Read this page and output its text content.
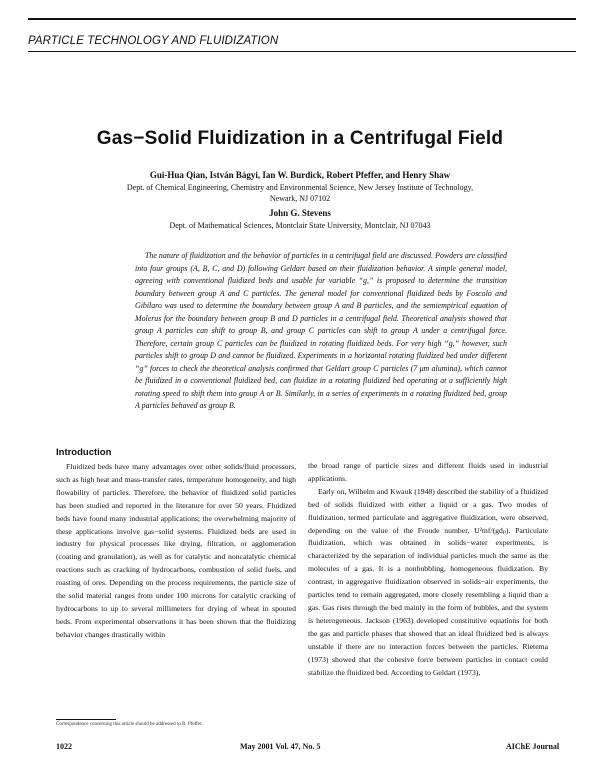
PARTICLE TECHNOLOGY AND FLUIDIZATION
Gas−Solid Fluidization in a Centrifugal Field
Gui-Hua Qian, István Bágyi, Ian W. Burdick, Robert Pfeffer, and Henry Shaw
Dept. of Chemical Engineering, Chemistry and Environmental Science, New Jersey Institute of Technology,
Newark, NJ 07102
John G. Stevens
Dept. of Mathematical Sciences, Montclair State University, Montclair, NJ 07043
The nature of fluidization and the behavior of particles in a centrifugal field are discussed. Powders are classified into four groups (A, B, C, and D) following Geldart based on their fluidization behavior. A simple general model, agreeing with conventional fluidized beds and usable for variable “g,” is proposed to determine the transition boundary between group A and C particles. The general model for conventional fluidized beds by Foscolo and Gibilaro was used to determine the boundary between group A and B particles, and the semiempirical equation of Molerus for the boundary between group B and D particles in a centrifugal field. Theoretical analysis showed that group A particles can shift to group B, and group C particles can shift to group A under a centrifugal force. Therefore, certain group C particles can be fluidized in rotating fluidized beds. For very high “g,” however, such particles shift to group D and cannot be fluidized. Experiments in a horizontal rotating fluidized bed under different “g” forces to check the theoretical analysis confirmed that Geldart group C particles (7 μm alumina), which cannot be fluidized in a conventional fluidized bed, can fluidize in a rotating fluidized bed operating at a sufficiently high rotating speed to shift them into group A or B. Similarly, in a series of experiments in a rotating fluidized bed, group A particles behaved as group B.
Introduction

Fluidized beds have many advantages over other solids/fluid processors, such as high heat and mass-transfer rates, temperature homogeneity, and high flowability of particles. Therefore, the behavior of fluidized solid particles has been studied and reported in the literature for over 50 years. Fluidized beds have found many industrial applications; the overwhelming majority of these applications involve gas−solid systems. Fluidized beds are used in industry for physical processes like drying, filtration, or agglomeration (coating and granulation), as well as for catalytic and noncatalytic chemical reactions such as cracking of hydrocarbons, combustion of solid fuels, and roasting of ores. Depending on the process requirements, the particle size of the solid material ranges from under 100 microns for catalytic cracking of hydrocarbons to up to several millimeters for drying of wheat in spouted beds. From experimental observations it has been shown that the fluidizing behavior changes drastically within

the broad range of particle sizes and different fluids used in industrial applications.

Early on, Wilhelm and Kwauk (1948) described the stability of a fluidized bed of solids fluidized with either a liquid or a gas. Two modes of fluidization, termed particulate and aggregative fluidization, were observed, depending on the value of the Froude number, U²mf/(gdₚ). Particulate fluidization, which was obtained in solids−water experiments, is characterized by the separation of individual particles much the same as the molecules of a gas. It is a nonbubbling, homogeneous fluidization. By contrast, in aggregative fluidization observed in solids−air experiments, the particles tend to remain aggregated, more closely resembling a liquid than a gas. Gas rises through the bed mainly in the form of bubbles, and the system is heterogeneous. Jackson (1963) developed constitutive equations for both the gas and particle phases that showed that an ideal fluidized bed is always unstable if there are no interaction forces between the particles. Rietema (1973) showed that the cohesive force between particles in contact could stabilize the fluidized bed. According to Geldart (1973),

Correspondence concerning this article should be addressed to R. Pfeffer.
1022	May 2001 Vol. 47, No. 5	AIChE Journal
